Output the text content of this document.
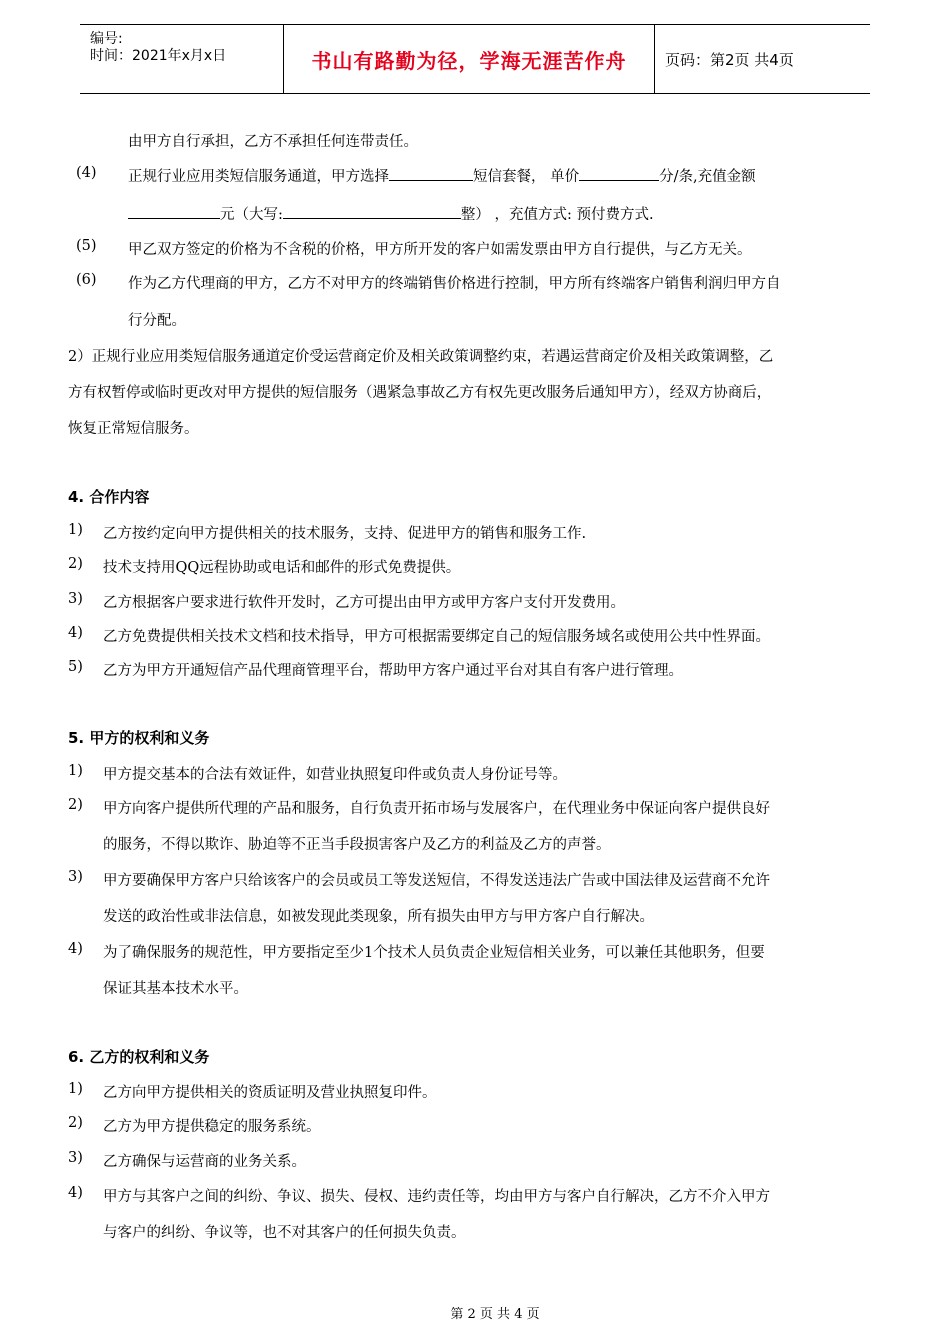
编号:
时间：2021年x月x日	书山有路勤为径，学海无涯苦作舟	页码：第2页 共4页
由甲方自行承担，乙方不承担任何连带责任。
(4) 正规行业应用类短信服务通道，甲方选择	短信套餐， 单价	分/条,充值金额
元（大写:	整） ，充值方式: 预付费方式.
(5) 甲乙双方签定的价格为不含税的价格，甲方所开发的客户如需发票由甲方自行提供，与乙方无关。
(6) 作为乙方代理商的甲方，乙方不对甲方的终端销售价格进行控制，甲方所有终端客户销售利润归甲方自
行分配。
2）正规行业应用类短信服务通道定价受运营商定价及相关政策调整约束，若遇运营商定价及相关政策调整，乙
方有权暂停或临时更改对甲方提供的短信服务（遇紧急事故乙方有权先更改服务后通知甲方），经双方协商后，
恢复正常短信服务。
4. 合作内容
1) 乙方按约定向甲方提供相关的技术服务，支持、促进甲方的销售和服务工作.
2) 技术支持用QQ远程协助或电话和邮件的形式免费提供。
3) 乙方根据客户要求进行软件开发时，乙方可提出由甲方或甲方客户支付开发费用。
4) 乙方免费提供相关技术文档和技术指导，甲方可根据需要绑定自己的短信服务域名或使用公共中性界面。
5) 乙方为甲方开通短信产品代理商管理平台，帮助甲方客户通过平台对其自有客户进行管理。
5. 甲方的权利和义务
1) 甲方提交基本的合法有效证件，如营业执照复印件或负责人身份证号等。
2) 甲方向客户提供所代理的产品和服务，自行负责开拓市场与发展客户，在代理业务中保证向客户提供良好
的服务，不得以欺诈、胁迫等不正当手段损害客户及乙方的利益及乙方的声誉。
3) 甲方要确保甲方客户只给该客户的会员或员工等发送短信，不得发送违法广告或中国法律及运营商不允许
发送的政治性或非法信息，如被发现此类现象，所有损失由甲方与甲方客户自行解决。
4) 为了确保服务的规范性，甲方要指定至少1个技术人员负责企业短信相关业务，可以兼任其他职务，但要
保证其基本技术水平。
6. 乙方的权利和义务
1) 乙方向甲方提供相关的资质证明及营业执照复印件。
2) 乙方为甲方提供稳定的服务系统。
3) 乙方确保与运营商的业务关系。
4) 甲方与其客户之间的纠纷、争议、损失、侵权、违约责任等，均由甲方与客户自行解决，乙方不介入甲方
与客户的纠纷、争议等，也不对其客户的任何损失负责。
第 2 页 共 4 页
